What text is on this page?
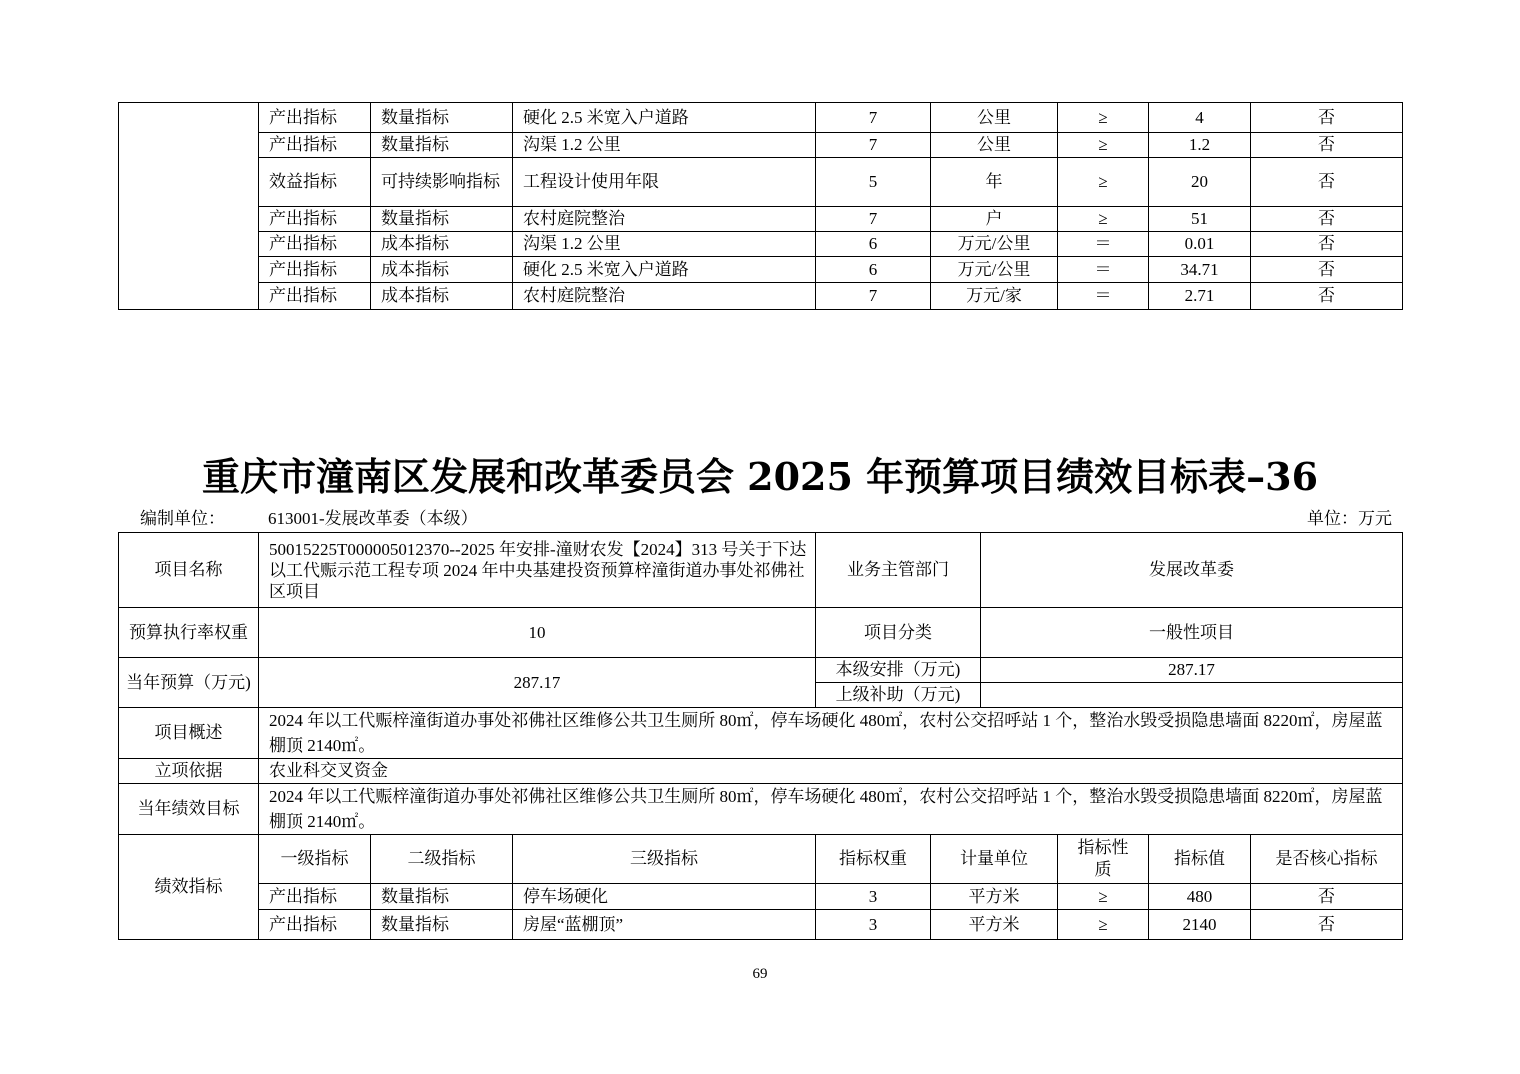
	产出指标	数量指标	硬化 2.5 米宽入户道路	7	公里	≥	4	否
	产出指标	数量指标	沟渠 1.2 公里	7	公里	≥	1.2	否
	效益指标	可持续影响指标	工程设计使用年限	5	年	≥	20	否
	产出指标	数量指标	农村庭院整治	7	户	≥	51	否
	产出指标	成本指标	沟渠 1.2 公里	6	万元/公里	＝	0.01	否
	产出指标	成本指标	硬化 2.5 米宽入户道路	6	万元/公里	＝	34.71	否
	产出指标	成本指标	农村庭院整治	7	万元/家	＝	2.71	否
重庆市潼南区发展和改革委员会 2025 年预算项目绩效目标表–36
编制单位：	613001-发展改革委（本级）	单位：万元
项目名称	50015225T000005012370--2025 年安排-潼财农发【2024】313 号关于下达以工代赈示范工程专项 2024 年中央基建投资预算梓潼街道办事处祁佛社区项目			业务主管部门		发展改革委			
预算执行率权重	10			项目分类		一般性项目			
当年预算（万元)	287.17			本级安排（万元)		287.17			
				上级补助（万元)					
项目概述	2024 年以工代赈梓潼街道办事处祁佛社区维修公共卫生厕所 80㎡，停车场硬化 480㎡，农村公交招呼站 1 个，整治水毁受损隐患墙面 8220㎡，房屋蓝棚顶 2140㎡。								
立项依据	农业科交叉资金								
当年绩效目标	2024 年以工代赈梓潼街道办事处祁佛社区维修公共卫生厕所 80㎡，停车场硬化 480㎡，农村公交招呼站 1 个，整治水毁受损隐患墙面 8220㎡，房屋蓝棚顶 2140㎡。								
绩效指标	一级指标	二级指标	三级指标	指标权重	计量单位		指标性质	指标值	是否核心指标
	产出指标	数量指标	停车场硬化	3	平方米		≥	480	否
	产出指标	数量指标	房屋“蓝棚顶”	3	平方米		≥	2140	否
69
